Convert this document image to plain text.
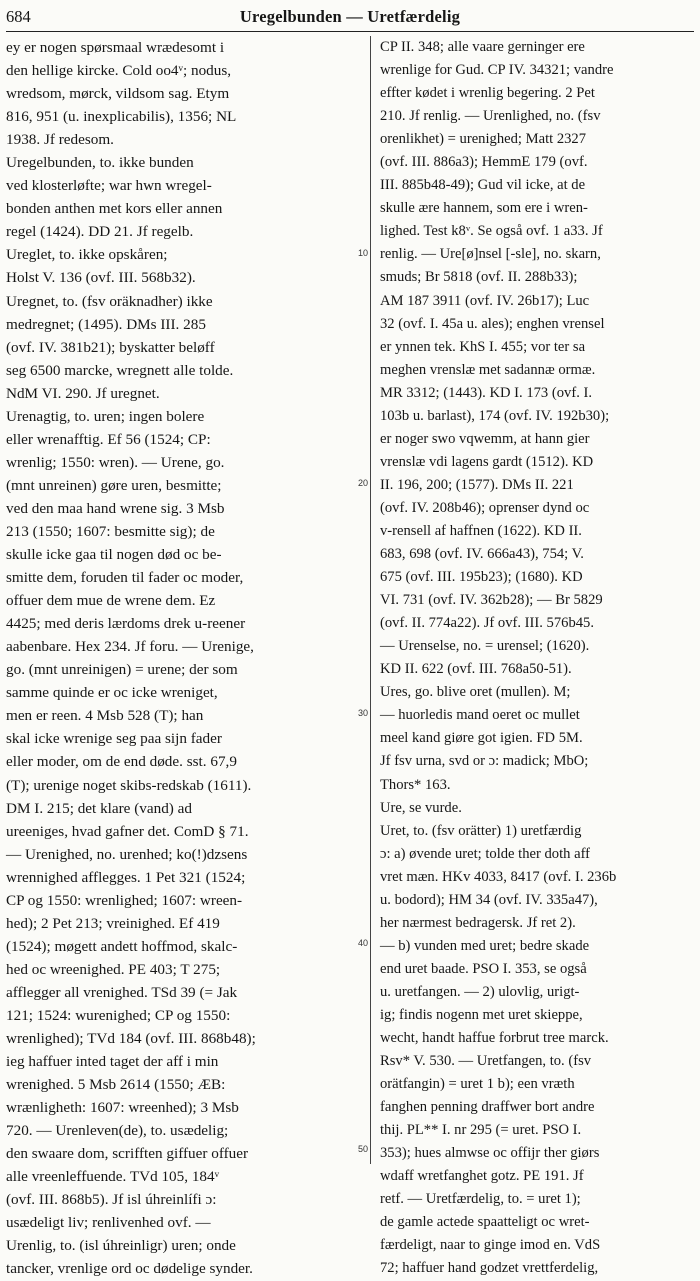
684	Uregelbunden — Uretfærdelig

ey er nogen spørsmaal wrædesomt i

den hellige kircke. Cold oo4ᵛ; nodus,

wredsom, mørck, vildsom sag. Etym

816, 951 (u. inexplicabilis), 1356; NL

1938. Jf redesom.

Uregelbunden, to. ikke bunden

ved klosterløfte; war hwn wregel-

bonden anthen met kors eller annen

regel (1424). DD 21. Jf regelb.

Ureglet, to. ikke opskåren;

Holst V. 136 (ovf. III. 568b32).

Uregnet, to. (fsv oräknadher) ikke

medregnet; (1495). DMs III. 285

(ovf. IV. 381b21); byskatter beløff

seg 6500 marcke, wregnett alle tolde.

NdM VI. 290. Jf uregnet.

Urenagtig, to. uren; ingen bolere

eller wrenafftig. Ef 56 (1524; CP:

wrenlig; 1550: wren). — Urene, go.

(mnt unreinen) gøre uren, besmitte;

ved den maa hand wrene sig. 3 Msb

213 (1550; 1607: besmitte sig); de

skulle icke gaa til nogen død oc be-

smitte dem, foruden til fader oc moder,

offuer dem mue de wrene dem. Ez

4425; med deris lærdoms drek u-reener

aabenbare. Hex 234. Jf foru. — Urenige,

go. (mnt unreinigen) = urene; der som

samme quinde er oc icke wreniget,

men er reen. 4 Msb 528 (T); han

skal icke wrenige seg paa sijn fader

eller moder, om de end døde. sst. 67,9

(T); urenige noget skibs-redskab (1611).

DM I. 215; det klare (vand) ad

ureeniges, hvad gafner det. ComD § 71.

— Urenighed, no. urenhed; ko(!)dzsens

wrennighed afflegges. 1 Pet 321 (1524;

CP og 1550: wrenlighed; 1607: wreen-

hed); 2 Pet 213; vreinighed. Ef 419

(1524); møgett andett hoffmod, skalc-

hed oc wreenighed. PE 403; T 275;

afflegger all vrenighed. TSd 39 (= Jak

121; 1524: wurenighed; CP og 1550:

wrenlighed); TVd 184 (ovf. III. 868b48);

ieg haffuer inted taget der aff i min

wrenighed. 5 Msb 2614 (1550; ÆB:

wrænligheth: 1607: wreenhed); 3 Msb

720. — Urenleven(de), to. usædelig;

den swaare dom, scrifften giffuer offuer

alle vreenleffuende. TVd 105, 184ᵛ

(ovf. III. 868b5). Jf isl úhreinlífi ɔ:

usædeligt liv; renlivenhed ovf. —

Urenlig, to. (isl úhreinligr) uren; onde

tancker, vrenlige ord oc dødelige synder.

10
20
30
40

CP II. 348; alle vaare gerninger ere

wrenlige for Gud. CP IV. 34321; vandre

effter kødet i wrenlig begering. 2 Pet

210. Jf renlig. — Urenlighed, no. (fsv

orenlikhet) = urenighed; Matt 2327

(ovf. III. 886a3); HemmE 179 (ovf.

III. 885b48-49); Gud vil icke, at de

skulle ære hannem, som ere i wren-

lighed. Test k8ᵛ. Se også ovf. 1 a33. Jf

renlig. — Ure[ø]nsel [-sle], no. skarn,

smuds; Br 5818 (ovf. II. 288b33);

AM 187 3911 (ovf. IV. 26b17); Luc

32 (ovf. I. 45a u. ales); enghen vrensel

er ynnen tek. KhS I. 455; vor ter sa

meghen vrenslæ met sadannæ ormæ.

MR 3312; (1443). KD I. 173 (ovf. I.

103b u. barlast), 174 (ovf. IV. 192b30);

er noger swo vqwemm, at hann gier

vrenslæ vdi lagens gardt (1512). KD

II. 196, 200; (1577). DMs II. 221

(ovf. IV. 208b46); oprenser dynd oc

v-rensell af haffnen (1622). KD II.

683, 698 (ovf. IV. 666a43), 754; V.

675 (ovf. III. 195b23); (1680). KD

VI. 731 (ovf. IV. 362b28); — Br 5829

(ovf. II. 774a22). Jf ovf. III. 576b45.

— Urenselse, no. = urensel; (1620).

KD II. 622 (ovf. III. 768a50-51).

Ures, go. blive oret (mullen). M;

— huorledis mand oeret oc mullet

meel kand giøre got igien. FD 5M.

Jf fsv urna, svd or ɔ: madick; MbO;

Thors* 163.

Ure, se vurde.

Uret, to. (fsv orätter) 1) uretfærdig

ɔ: a) øvende uret; tolde ther doth aff

vret mæn. HKv 4033, 8417 (ovf. I. 236b

u. bodord); HM 34 (ovf. IV. 335a47),

her nærmest bedragersk. Jf ret 2).

— b) vunden med uret; bedre skade

end uret baade. PSO I. 353, se også

u. uretfangen. — 2) ulovlig, urigt-

ig; findis nogenn met uret skieppe,

wecht, handt haffue forbrut tree marck.

Rsv* V. 530. — Uretfangen, to. (fsv

orätfangin) = uret 1 b); een vræth

fanghen penning draffwer bort andre

thij. PL** I. nr 295 (= uret. PSO I.

353); hues almwse oc offijr ther giørs

wdaff wretfanghet gotz. PE 191. Jf

retf. — Uretfærdelig, to. = uret 1);

de gamle actede spaatteligt oc wret-

færdeligt, naar to ginge imod en. VdS

72; haffuer hand godzet vrettferdelig,

50
